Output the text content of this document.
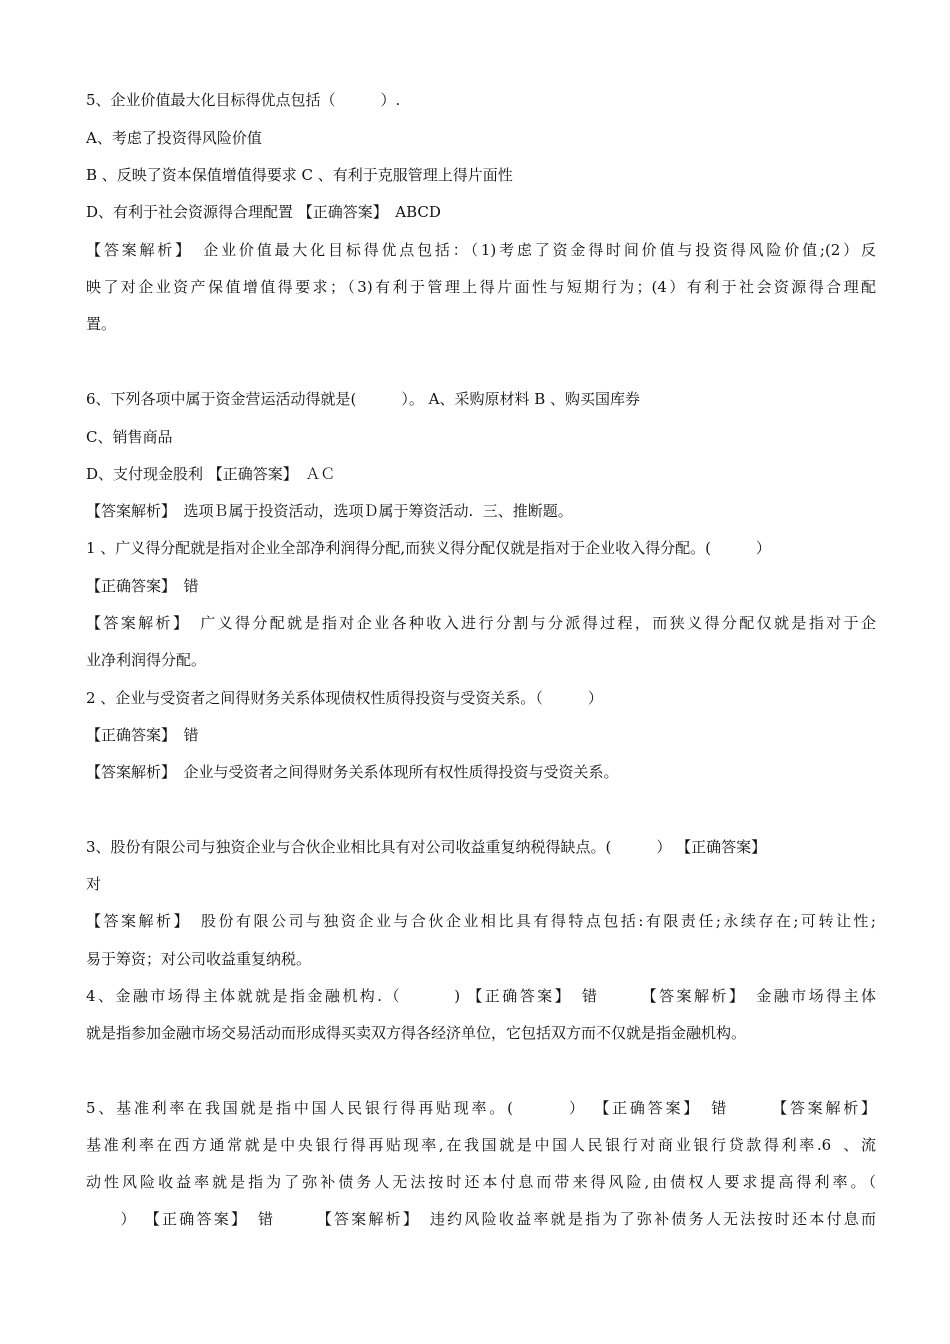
5、企业价值最大化目标得优点包括（　　　）.
A、考虑了投资得风险价值
B 、反映了资本保值增值得要求 C 、有利于克服管理上得片面性
D、有利于社会资源得合理配置 【正确答案】　ABCD
【答案解析】　企业价值最大化目标得优点包括：（1)考虑了资金得时间价值与投资得风险价值;(2）反
映了对企业资产保值增值得要求；（3)有利于管理上得片面性与短期行为；(4）有利于社会资源得合理配
置。
6、下列各项中属于资金营运活动得就是(　　　）。 A、采购原材料 B 、购买国库券
C、销售商品
D、支付现金股利 【正确答案】　ＡＣ
【答案解析】　选项Ｂ属于投资活动，选项Ｄ属于筹资活动.  三、推断题。　 
1 、广义得分配就是指对企业全部净利润得分配,而狭义得分配仅就是指对于企业收入得分配。(　　　）
【正确答案】　错
【答案解析】　广义得分配就是指对企业各种收入进行分割与分派得过程，而狭义得分配仅就是指对于企
业净利润得分配。 
2 、企业与受资者之间得财务关系体现债权性质得投资与受资关系。（　　　）
【正确答案】　错
【答案解析】　企业与受资者之间得财务关系体现所有权性质得投资与受资关系。
3、股份有限公司与独资企业与合伙企业相比具有对公司收益重复纳税得缺点。(　　　） 【正确答案】
对
【答案解析】　股份有限公司与独资企业与合伙企业相比具有得特点包括:有限责任;永续存在;可转让性;
易于筹资；对公司收益重复纳税。 
4、金融市场得主体就就是指金融机构.（　　　) 【正确答案】　错　　 【答案解析】　金融市场得主体
就是指参加金融市场交易活动而形成得买卖双方得各经济单位，它包括双方而不仅就是指金融机构。
5、基准利率在我国就是指中国人民银行得再贴现率。(　　　） 【正确答案】　错　　 【答案解析】
基准利率在西方通常就是中央银行得再贴现率,在我国就是中国人民银行对商业银行贷款得利率.6  、流
动性风险收益率就是指为了弥补债务人无法按时还本付息而带来得风险,由债权人要求提高得利率。（
　　） 【正确答案】　错　　 【答案解析】　违约风险收益率就是指为了弥补债务人无法按时还本付息而
